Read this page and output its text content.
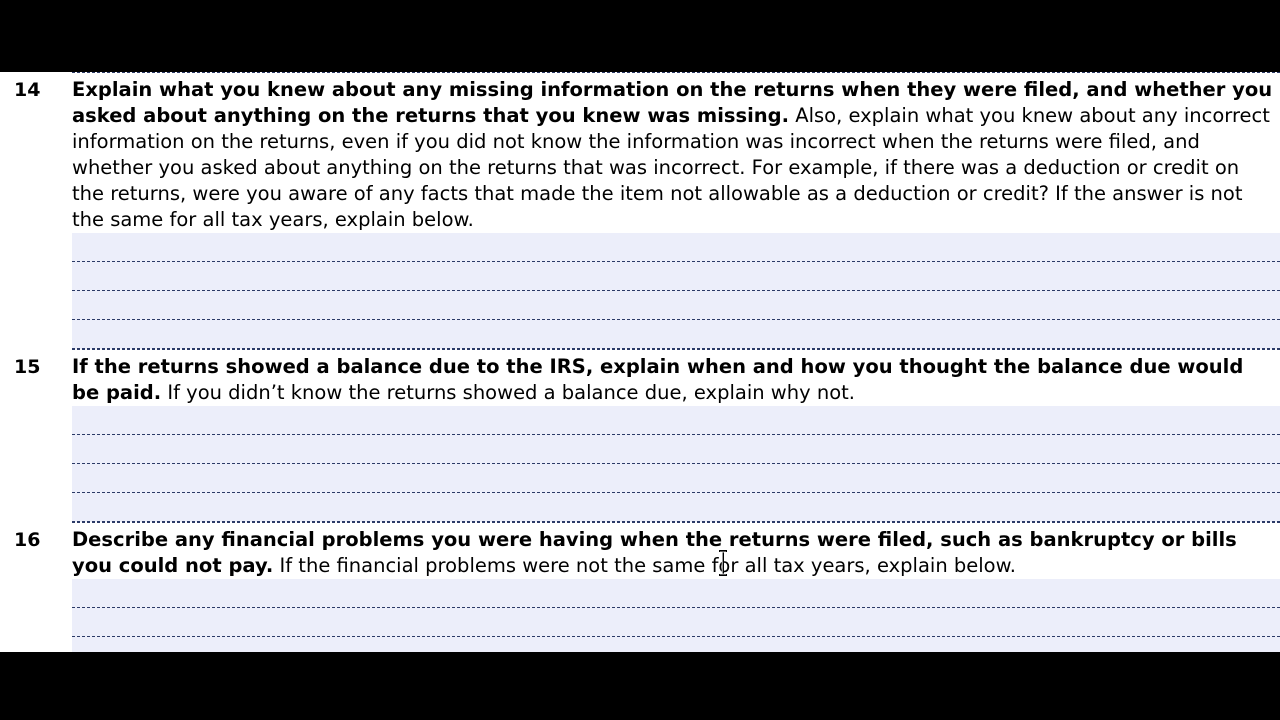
14	Explain what you knew about any missing information on the returns when they were filed, and whether you asked about anything on the returns that you knew was missing. Also, explain what you knew about any incorrect information on the returns, even if you did not know the information was incorrect when the returns were filed, and whether you asked about anything on the returns that was incorrect. For example, if there was a deduction or credit on the returns, were you aware of any facts that made the item not allowable as a deduction or credit? If the answer is not the same for all tax years, explain below.
15	If the returns showed a balance due to the IRS, explain when and how you thought the balance due would be paid. If you didn’t know the returns showed a balance due, explain why not.
16	Describe any financial problems you were having when the returns were filed, such as bankruptcy or bills you could not pay. If the financial problems were not the same for all tax years, explain below.
